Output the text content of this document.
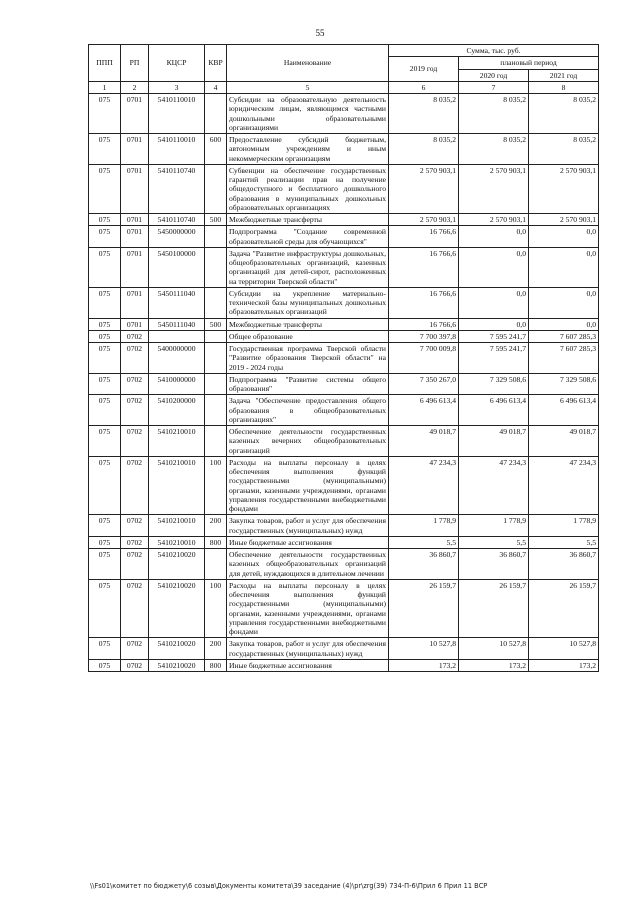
55
ППП	РП	КЦСР	КВР	Наименование	Сумма, тыс. руб.		
					2019 год	плановый период	
						2020 год	2021 год
1	2	3	4	5	6	7	8
075	0701	5410110010		Субсидии на образовательную деятельность юридическим лицам, являющимся частными дошкольными образовательными организациями	8 035,2	8 035,2	8 035,2
075	0701	5410110010	600	Предоставление субсидий бюджетным, автономным учреждениям и иным некоммерческим организациям	8 035,2	8 035,2	8 035,2
075	0701	5410110740		Субвенции на обеспечение государственных гарантий реализации прав на получение общедоступного и бесплатного дошкольного образования в муниципальных дошкольных образовательных организациях	2 570 903,1	2 570 903,1	2 570 903,1
075	0701	5410110740	500	Межбюджетные трансферты	2 570 903,1	2 570 903,1	2 570 903,1
075	0701	5450000000		Подпрограмма "Создание современной образовательной среды для обучающихся"	16 766,6	0,0	0,0
075	0701	5450100000		Задача "Развитие инфраструктуры дошкольных, общеобразовательных организаций, казенных организаций для детей-сирот, расположенных на территории Тверской области"	16 766,6	0,0	0,0
075	0701	5450111040		Субсидии на укрепление материально-технической базы муниципальных дошкольных образовательных организаций	16 766,6	0,0	0,0
075	0701	5450111040	500	Межбюджетные трансферты	16 766,6	0,0	0,0
075	0702			Общее образование	7 700 397,8	7 595 241,7	7 607 285,3
075	0702	5400000000		Государственная программа Тверской области "Развитие образования Тверской области" на 2019 - 2024 годы	7 700 009,8	7 595 241,7	7 607 285,3
075	0702	5410000000		Подпрограмма "Развитие системы общего образования"	7 350 267,0	7 329 508,6	7 329 508,6
075	0702	5410200000		Задача "Обеспечение предоставления общего образования в общеобразовательных организациях"	6 496 613,4	6 496 613,4	6 496 613,4
075	0702	5410210010		Обеспечение деятельности государственных казенных вечерних общеобразовательных организаций	49 018,7	49 018,7	49 018,7
075	0702	5410210010	100	Расходы на выплаты персоналу в целях обеспечения выполнения функций государственными (муниципальными) органами, казенными учреждениями, органами управления государственными внебюджетными фондами	47 234,3	47 234,3	47 234,3
075	0702	5410210010	200	Закупка товаров, работ и услуг для обеспечения государственных (муниципальных) нужд	1 778,9	1 778,9	1 778,9
075	0702	5410210010	800	Иные бюджетные ассигнования	5,5	5,5	5,5
075	0702	5410210020		Обеспечение деятельности государственных казенных общеобразовательных организаций для детей, нуждающихся в длительном лечении	36 860,7	36 860,7	36 860,7
075	0702	5410210020	100	Расходы на выплаты персоналу в целях обеспечения выполнения функций государственными (муниципальными) органами, казенными учреждениями, органами управления государственными внебюджетными фондами	26 159,7	26 159,7	26 159,7
075	0702	5410210020	200	Закупка товаров, работ и услуг для обеспечения государственных (муниципальных) нужд	10 527,8	10 527,8	10 527,8
075	0702	5410210020	800	Иные бюджетные ассигнования	173,2	173,2	173,2
\\Fs01\комитет по бюджету\6 созыв\Документы комитета\39 заседание (4)\pr\zrg(39) 734-П-6\Прил 6 Прил 11 ВСР
